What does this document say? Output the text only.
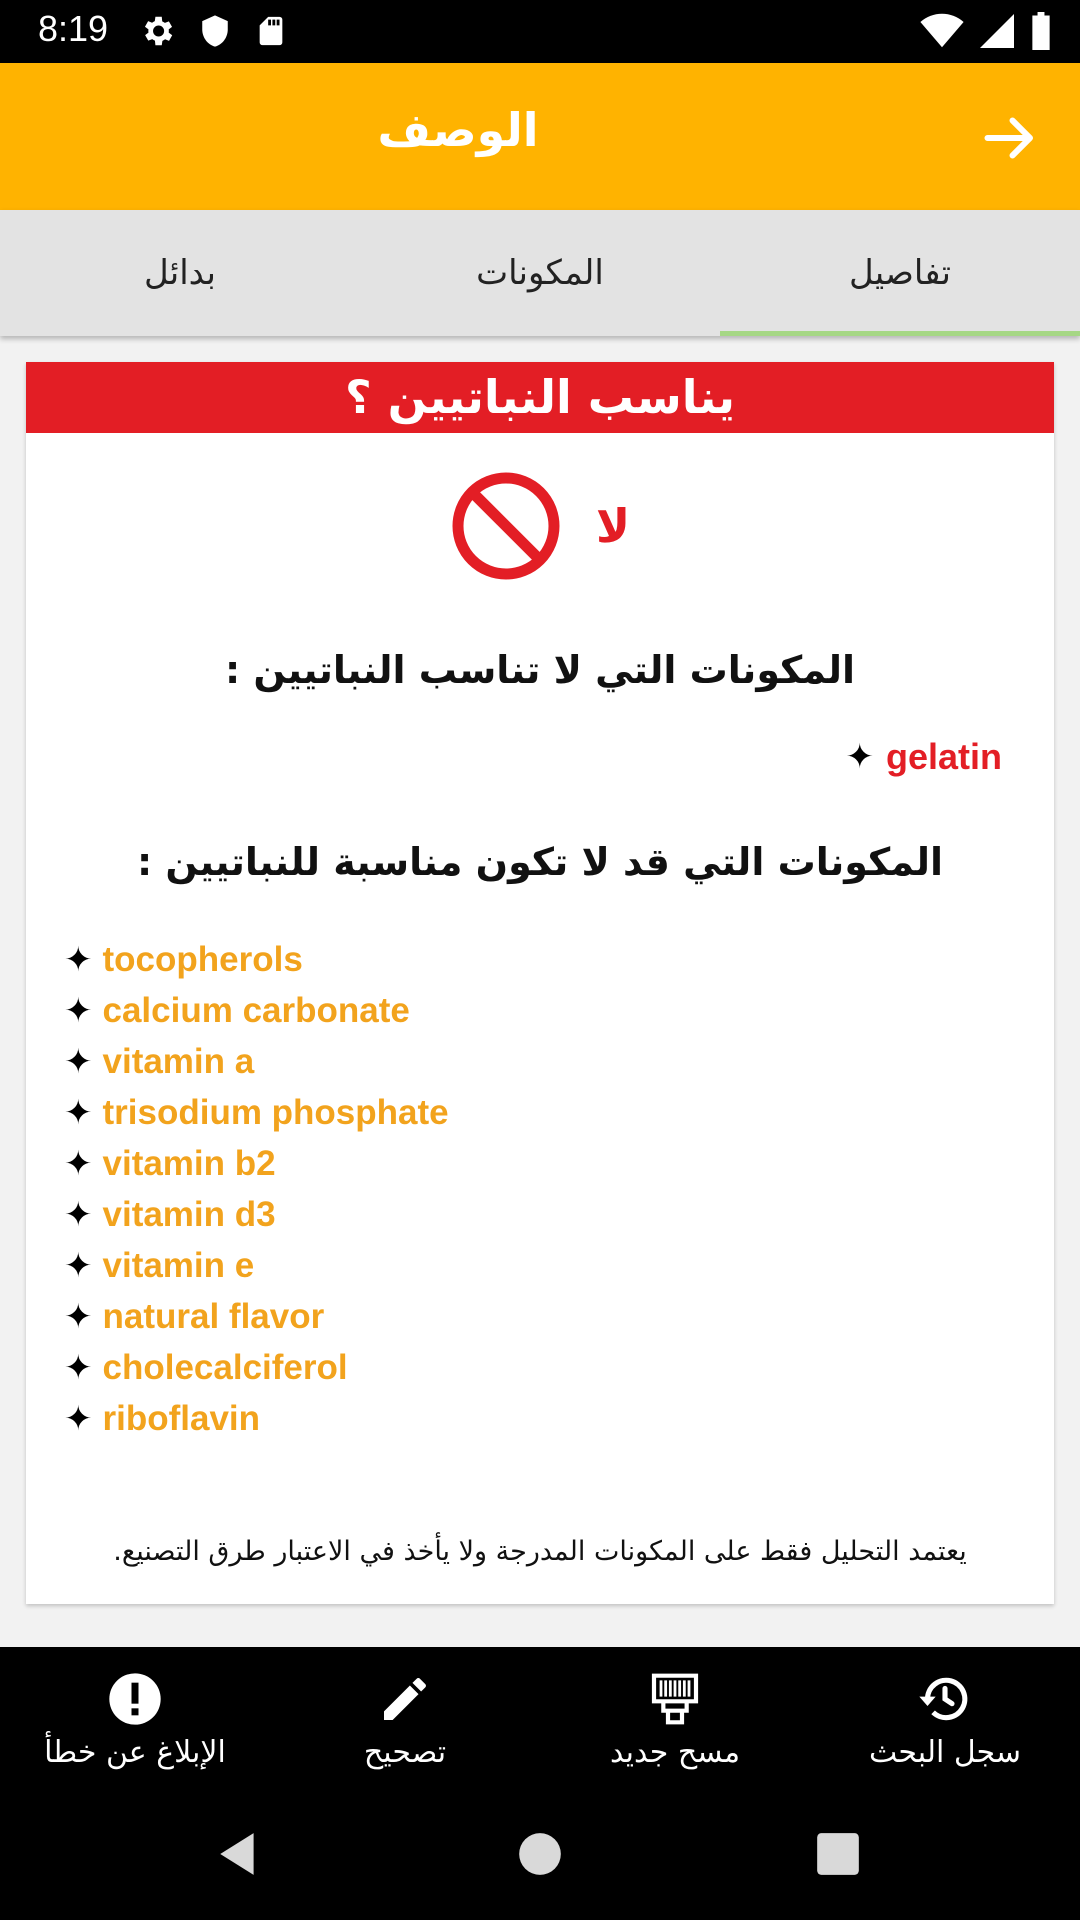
8:19
الوصف
تفاصيل
المكونات
بدائل
يناسب النباتيين ؟
لا
المكونات التي لا تناسب النباتيين :
✦ gelatin
المكونات التي قد لا تكون مناسبة للنباتيين :
✦ tocopherols
✦ calcium carbonate
✦ vitamin a
✦ trisodium phosphate
✦ vitamin b2
✦ vitamin d3
✦ vitamin e
✦ natural flavor
✦ cholecalciferol
✦ riboflavin
يعتمد التحليل فقط على المكونات المدرجة ولا يأخذ في الاعتبار طرق التصنيع.
سجل البحث
مسح جديد
تصحيح
الإبلاغ عن خطأ
